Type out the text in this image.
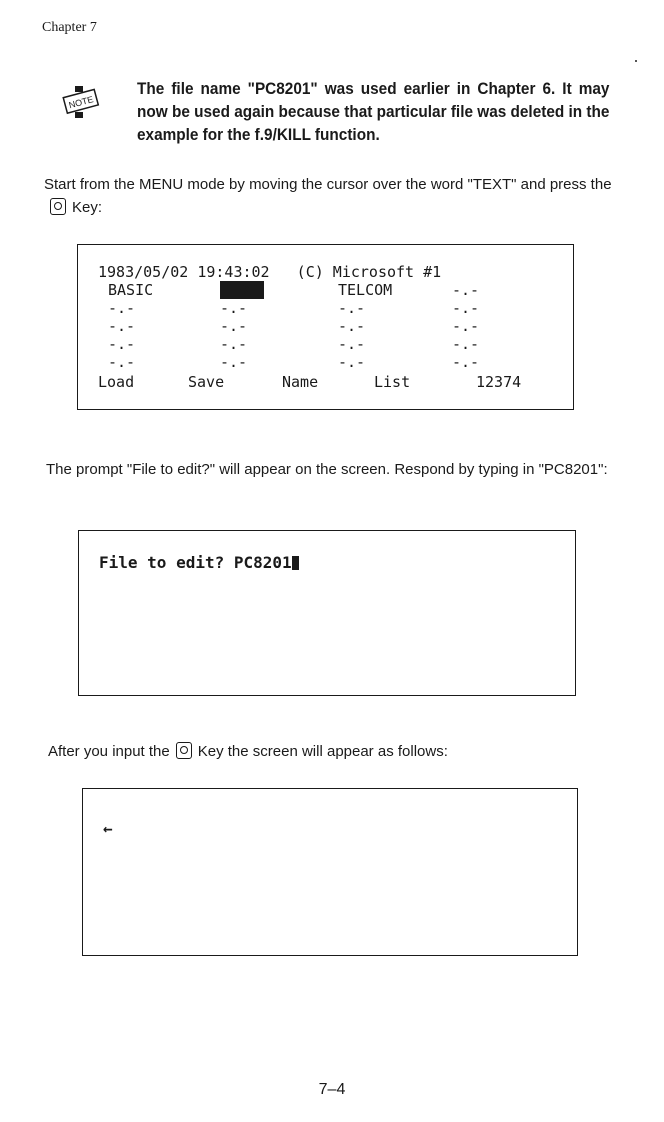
Chapter 7
NOTE
The file name "PC8201" was used earlier in Chapter 6. It may now be used again because that particular file was deleted in the example for the f.9/KILL function.
Start from the MENU mode by moving the cursor over the word "TEXT" and press theKey:
1983/05/02 19:43:02   (C) Microsoft #1
BASIC	TEXT	TELCOM	-.-
-.-	-.-	-.-	-.-
-.-	-.-	-.-	-.-
-.-	-.-	-.-	-.-
-.-	-.-	-.-	-.-
Load	Save	Name	List	12374
The prompt "File to edit?" will appear on the screen. Respond by typing in "PC8201":
File to edit? PC8201
After you input the Key the screen will appear as follows:
←
7–4
